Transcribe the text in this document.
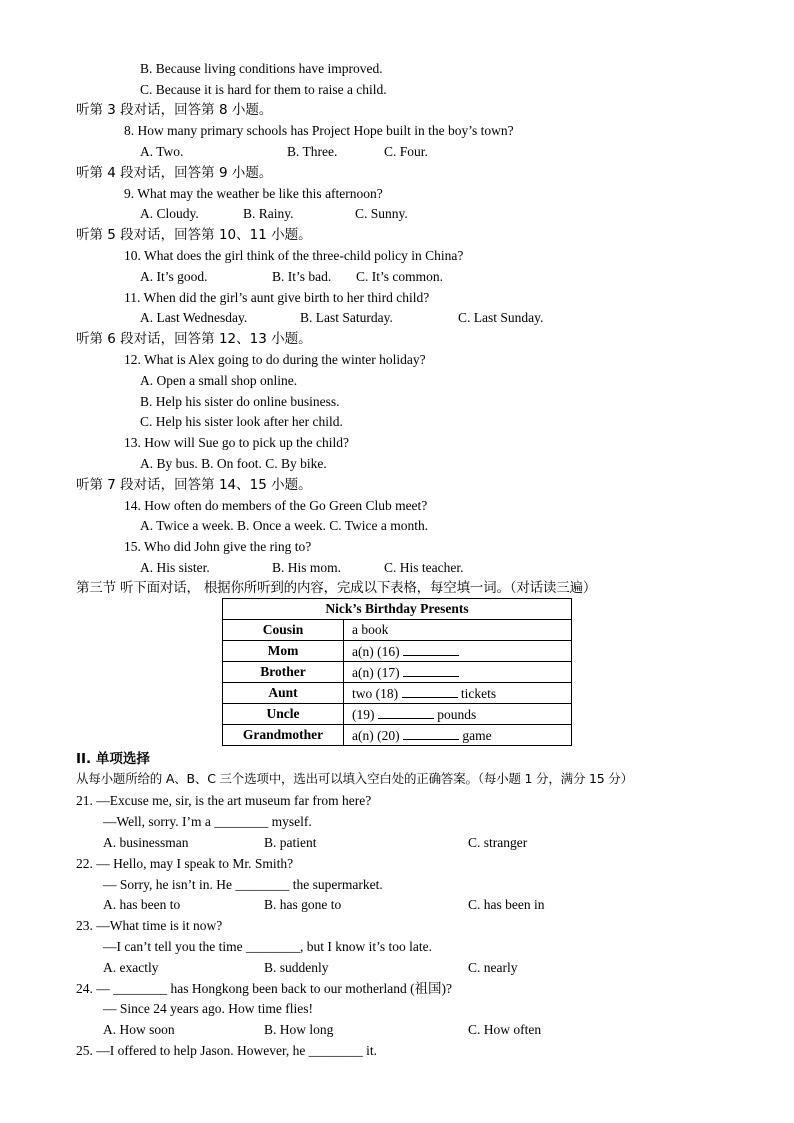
B. Because living conditions have improved.
C. Because it is hard for them to raise a child.
听第 3 段对话，回答第 8 小题。
8. How many primary schools has Project Hope built in the boy’s town?
A. Two.	B. Three.	C. Four.
听第 4 段对话，回答第 9 小题。
9. What may the weather be like this afternoon?
A. Cloudy.	B. Rainy.	C. Sunny.
听第 5 段对话，回答第 10、11 小题。
10. What does the girl think of the three-child policy in China?
A. It’s good.	B. It’s bad. C. It’s common.
11. When did the girl’s aunt give birth to her third child?
A. Last Wednesday.	B. Last Saturday.	C. Last Sunday.
听第 6 段对话，回答第 12、13 小题。
12. What is Alex going to do during the winter holiday?
A. Open a small shop online.
B. Help his sister do online business.
C. Help his sister look after her child.
13. How will Sue go to pick up the child?
A. By bus. B. On foot. C. By bike.
听第 7 段对话，回答第 14、15 小题。
14. How often do members of the Go Green Club meet?
A. Twice a week. B. Once a week. C. Twice a month.
15. Who did John give the ring to?
A. His sister.	B. His mom.	C. His teacher.
第三节 听下面对话， 根据你所听到的内容，完成以下表格，每空填一词。（对话读三遍）
Nick’s Birthday Presents	
Cousin	a book
Mom	a(n) (16)
Brother	a(n) (17)
Aunt	two (18) tickets
Uncle	(19) pounds
Grandmother	a(n) (20) game
II. 单项选择
从每小题所给的 A、B、C 三个选项中，选出可以填入空白处的正确答案。（每小题 1 分，满分 15 分）
21. —Excuse me, sir, is the art museum far from here?
—Well, sorry. I’m a ________ myself.
A. businessman	B. patient	C. stranger
22. — Hello, may I speak to Mr. Smith?
— Sorry, he isn’t in. He ________ the supermarket.
A. has been to	B. has gone to	C. has been in
23. —What time is it now?
—I can’t tell you the time ________, but I know it’s too late.
A. exactly	B. suddenly	C. nearly
24. — ________ has Hongkong been back to our motherland (祖国)?
— Since 24 years ago. How time flies!
A. How soon	B. How long	C. How often
25. —I offered to help Jason. However, he ________ it.
